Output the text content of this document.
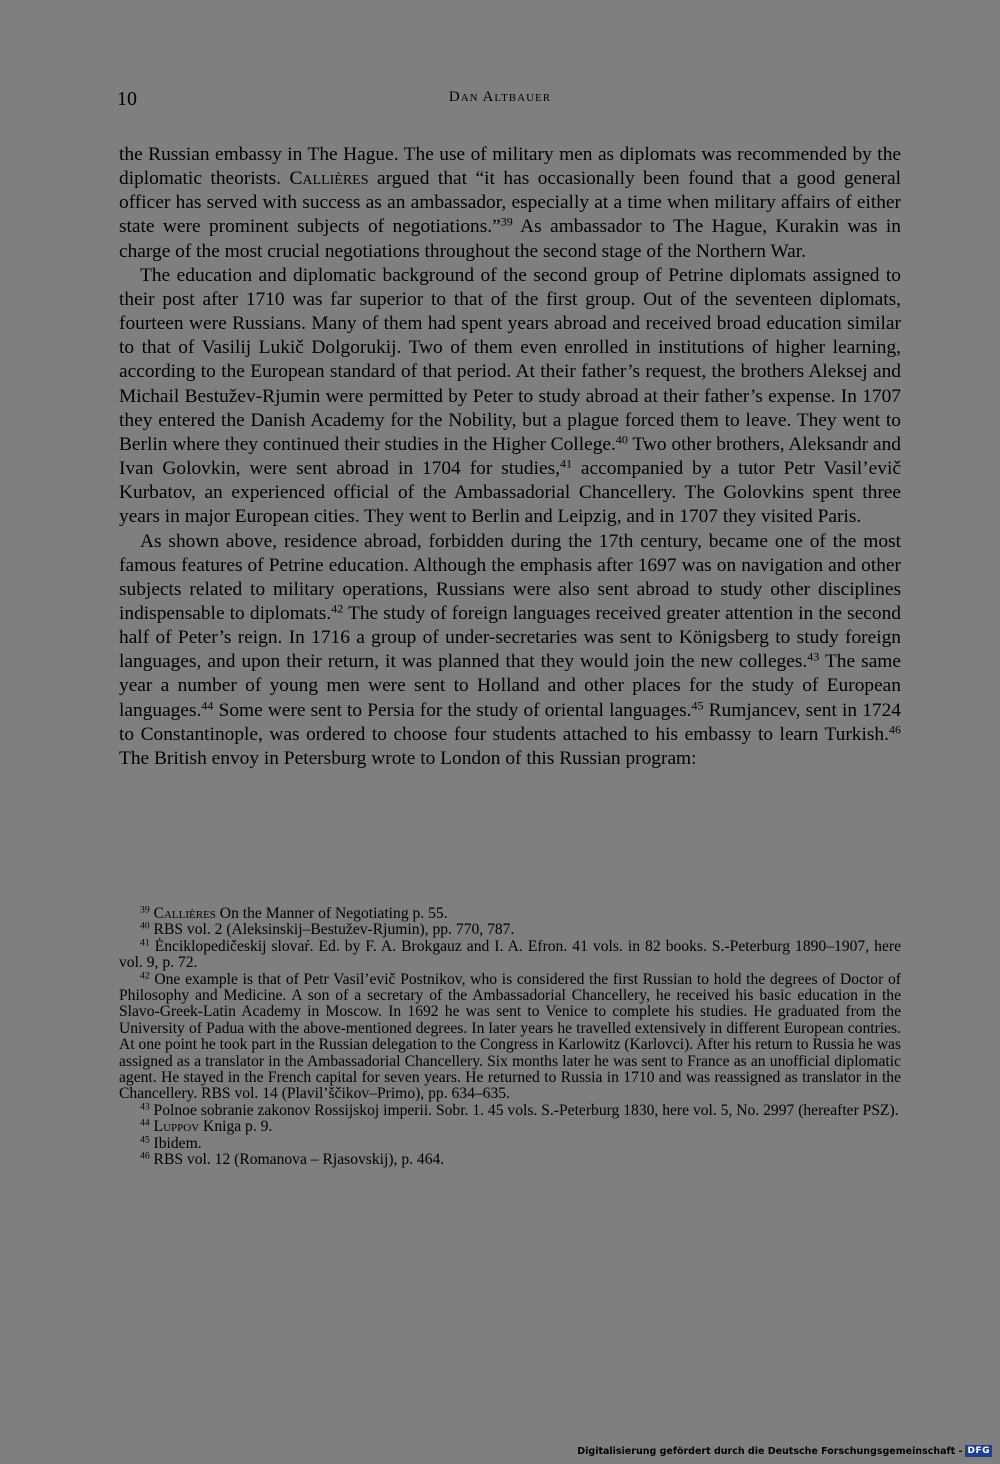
10	Dan Altbauer

the Russian embassy in The Hague. The use of military men as diplomats was recommended by the diplomatic theorists. Callières argued that “it has occasionally been found that a good general officer has served with success as an ambassador, especially at a time when military affairs of either state were prominent subjects of negotiations.”$^{39}$ As ambassador to The Hague, Kurakin was in charge of the most crucial negotiations throughout the second stage of the Northern War.

The education and diplomatic background of the second group of Petrine diplomats assigned to their post after 1710 was far superior to that of the first group. Out of the seventeen diplomats, fourteen were Russians. Many of them had spent years abroad and received broad education similar to that of Vasilij Lukič Dolgorukij. Two of them even enrolled in institutions of higher learning, according to the European standard of that period. At their father’s request, the brothers Aleksej and Michail Bestužev-Rjumin were permitted by Peter to study abroad at their father’s expense. In 1707 they entered the Danish Academy for the Nobility, but a plague forced them to leave. They went to Berlin where they continued their studies in the Higher College.$^{40}$ Two other brothers, Aleksandr and Ivan Golovkin, were sent abroad in 1704 for studies,$^{41}$ accompanied by a tutor Petr Vasil’evič Kurbatov, an experienced official of the Ambassadorial Chancellery. The Golovkins spent three years in major European cities. They went to Berlin and Leipzig, and in 1707 they visited Paris.

As shown above, residence abroad, forbidden during the 17th century, became one of the most famous features of Petrine education. Although the emphasis after 1697 was on navigation and other subjects related to military operations, Russians were also sent abroad to study other disciplines indispensable to diplomats.$^{42}$ The study of foreign languages received greater attention in the second half of Peter’s reign. In 1716 a group of under-secretaries was sent to Königsberg to study foreign languages, and upon their return, it was planned that they would join the new colleges.$^{43}$ The same year a number of young men were sent to Holland and other places for the study of European languages.$^{44}$ Some were sent to Persia for the study of oriental languages.$^{45}$ Rumjancev, sent in 1724 to Constantinople, was ordered to choose four students attached to his embassy to learn Turkish.$^{46}$ The British envoy in Petersburg wrote to London of this Russian program:

$^{39}$ Callières On the Manner of Negotiating p. 55.

$^{40}$ RBS vol. 2 (Aleksinskij–Bestužev-Rjumin), pp. 770, 787.

$^{41}$ Ėnciklopedičeskij slovaŕ. Ed. by F. A. Brokgauz and I. A. Efron. 41 vols. in 82 books. S.-Peterburg 1890–1907, here vol. 9, p. 72.

$^{42}$ One example is that of Petr Vasil’evič Postnikov, who is considered the first Russian to hold the degrees of Doctor of Philosophy and Medicine. A son of a secretary of the Ambassadorial Chancellery, he received his basic education in the Slavo-Greek-Latin Academy in Moscow. In 1692 he was sent to Venice to complete his studies. He graduated from the University of Padua with the above-mentioned degrees. In later years he travelled extensively in different European contries. At one point he took part in the Russian delegation to the Congress in Karlowitz (Karlovci). After his return to Russia he was assigned as a translator in the Ambassadorial Chancellery. Six months later he was sent to France as an unofficial diplomatic agent. He stayed in the French capital for seven years. He returned to Russia in 1710 and was reassigned as translator in the Chancellery. RBS vol. 14 (Plavil’ščikov–Primo), pp. 634–635.

$^{43}$ Polnoe sobranie zakonov Rossijskoj imperii. Sobr. 1. 45 vols. S.-Peterburg 1830, here vol. 5, No. 2997 (hereafter PSZ).

$^{44}$ Luppov Kniga p. 9.

$^{45}$ Ibidem.

$^{46}$ RBS vol. 12 (Romanova – Rjasovskij), p. 464.

Digitalisierung gefördert durch die Deutsche Forschungsgemeinschaft - DFG
